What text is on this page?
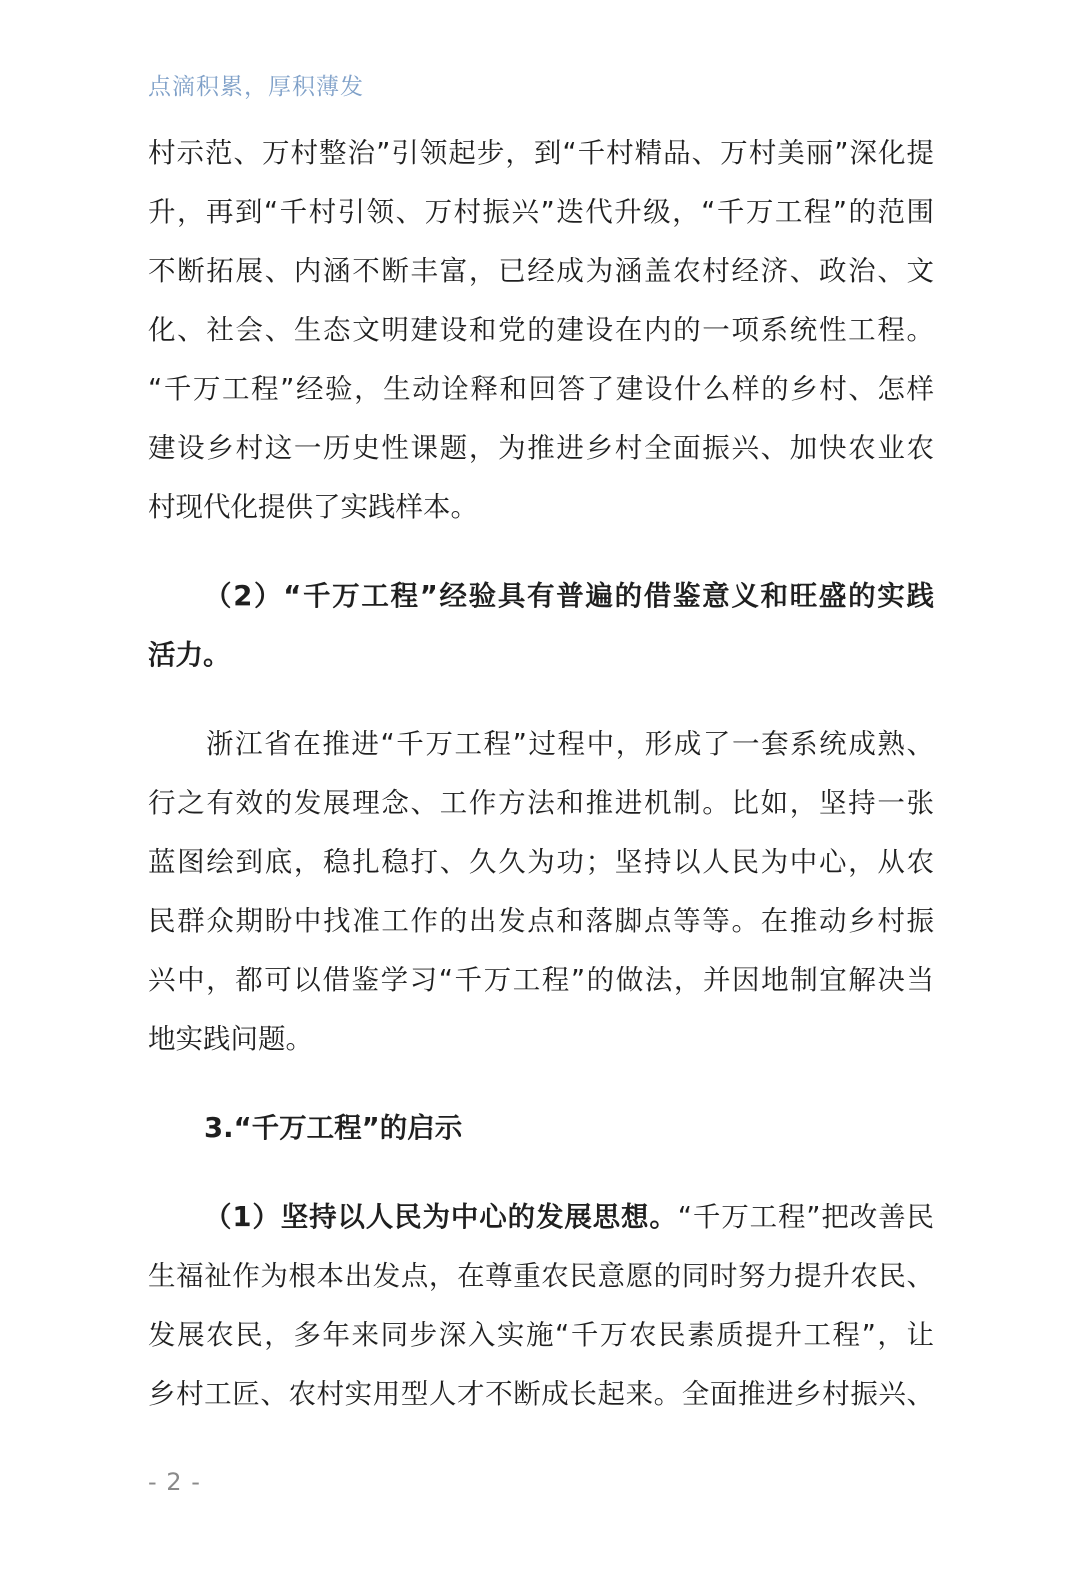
点滴积累，厚积薄发
村示范、万村整治”引领起步，到“千村精品、万村美丽”深化提
升，再到“千村引领、万村振兴”迭代升级，“千万工程”的范围
不断拓展、内涵不断丰富，已经成为涵盖农村经济、政治、文
化、社会、生态文明建设和党的建设在内的一项系统性工程。
“千万工程”经验，生动诠释和回答了建设什么样的乡村、怎样
建设乡村这一历史性课题，为推进乡村全面振兴、加快农业农
村现代化提供了实践样本。
（2）“千万工程”经验具有普遍的借鉴意义和旺盛的实践
活力。
浙江省在推进“千万工程”过程中，形成了一套系统成熟、
行之有效的发展理念、工作方法和推进机制。比如，坚持一张
蓝图绘到底，稳扎稳打、久久为功；坚持以人民为中心，从农
民群众期盼中找准工作的出发点和落脚点等等。在推动乡村振
兴中，都可以借鉴学习“千万工程”的做法，并因地制宜解决当
地实践问题。
3.“千万工程”的启示
（1）坚持以人民为中心的发展思想。“千万工程”把改善民
生福祉作为根本出发点，在尊重农民意愿的同时努力提升农民、
发展农民，多年来同步深入实施“千万农民素质提升工程”，让
乡村工匠、农村实用型人才不断成长起来。全面推进乡村振兴、
- 2 -
